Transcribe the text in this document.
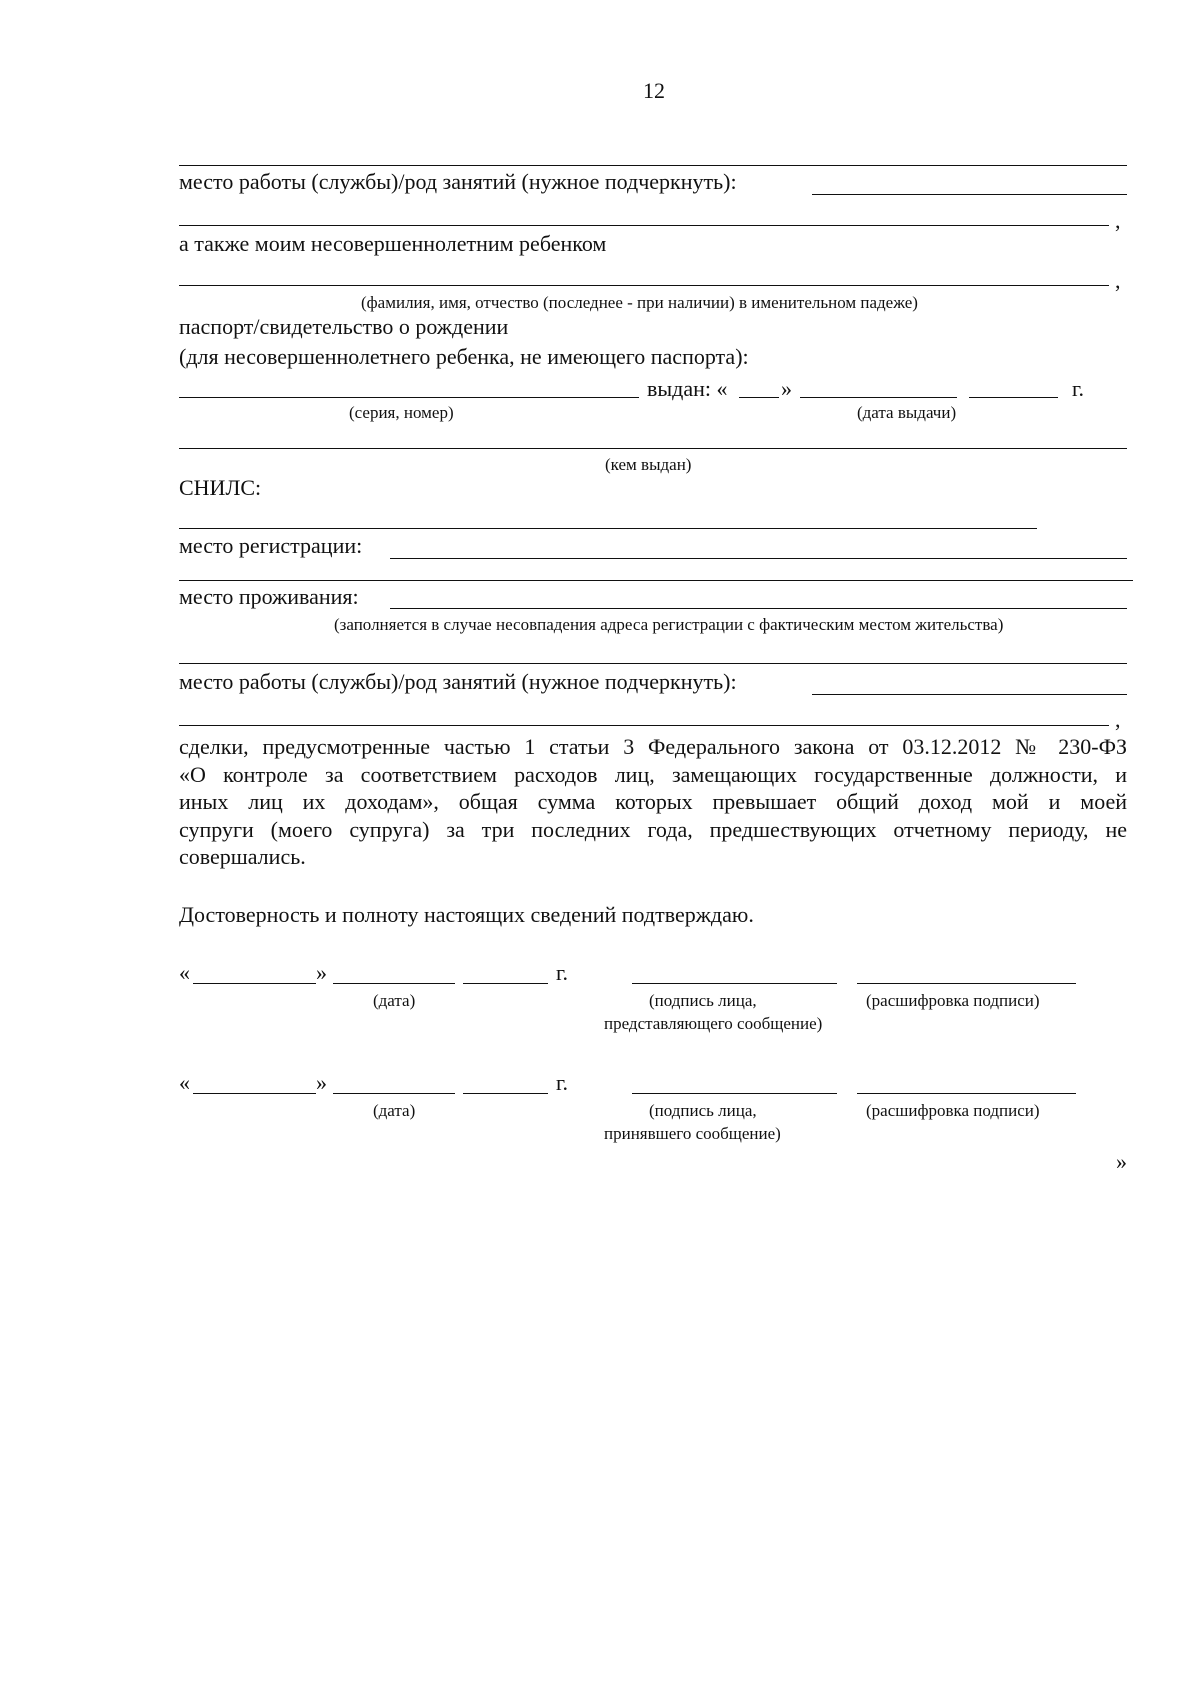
12
место работы (службы)/род занятий (нужное подчеркнуть):
,
а также моим несовершеннолетним ребенком
,
(фамилия, имя, отчество (последнее - при наличии) в именительном падеже)
паспорт/свидетельство о рождении
(для несовершеннолетнего ребенка, не имеющего паспорта):
выдан: « »	г.
(серия, номер)	(дата выдачи)
(кем выдан)
СНИЛС:
место регистрации:
место проживания:
(заполняется в случае несовпадения адреса регистрации с фактическим местом жительства)
место работы (службы)/род занятий (нужное подчеркнуть):
,
сделки, предусмотренные частью 1 статьи 3 Федерального закона от 03.12.2012 № 230-ФЗ
«О контроле за соответствием расходов лиц, замещающих государственные должности, и
иных лиц их доходам», общая сумма которых превышает общий доход мой и моей
супруги (моего супруга) за три последних года, предшествующих отчетному периоду, не
совершались.
Достоверность и полноту настоящих сведений подтверждаю.
«	»	г.
(дата)	(подпись лица,	(расшифровка подписи)
представляющего сообщение)
«	»	г.
(дата)	(подпись лица,	(расшифровка подписи)
принявшего сообщение)
»
